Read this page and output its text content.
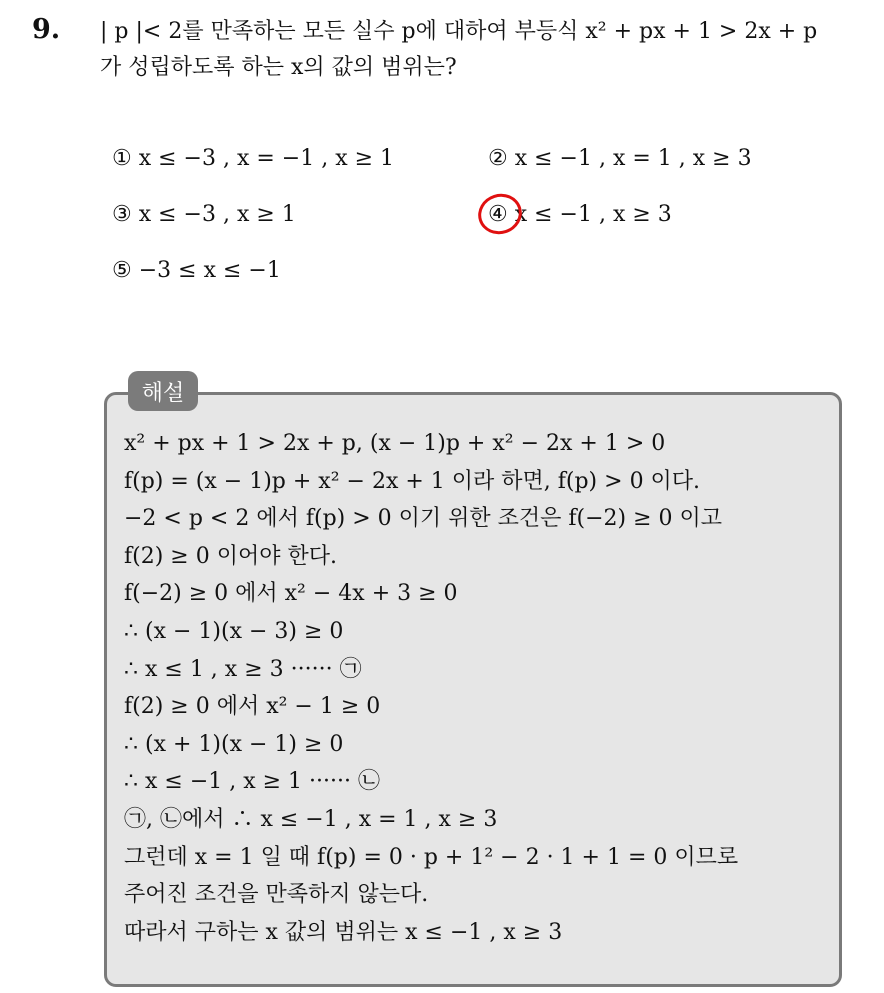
9. | p |< 2를 만족하는 모든 실수 p에 대하여 부등식 x² + px + 1 > 2x + p
가 성립하도록 하는 x의 값의 범위는?
① x ≤ −3 , x = −1 , x ≥ 1	② x ≤ −1 , x = 1 , x ≥ 3
③ x ≤ −3 , x ≥ 1	④ x ≤ −1 , x ≥ 3
⑤ −3 ≤ x ≤ −1
해설
x² + px + 1 > 2x + p, (x − 1)p + x² − 2x + 1 > 0
f(p) = (x − 1)p + x² − 2x + 1 이라 하면, f(p) > 0 이다.
−2 < p < 2 에서 f(p) > 0 이기 위한 조건은 f(−2) ≥ 0 이고
f(2) ≥ 0 이어야 한다.
f(−2) ≥ 0 에서 x² − 4x + 3 ≥ 0
∴ (x − 1)(x − 3) ≥ 0
∴ x ≤ 1 , x ≥ 3 ······ ㉠
f(2) ≥ 0 에서 x² − 1 ≥ 0
∴ (x + 1)(x − 1) ≥ 0
∴ x ≤ −1 , x ≥ 1 ······ ㉡
㉠, ㉡에서 ∴ x ≤ −1 , x = 1 , x ≥ 3
그런데 x = 1 일 때 f(p) = 0 · p + 1² − 2 · 1 + 1 = 0 이므로
주어진 조건을 만족하지 않는다.
따라서 구하는 x 값의 범위는 x ≤ −1 , x ≥ 3
